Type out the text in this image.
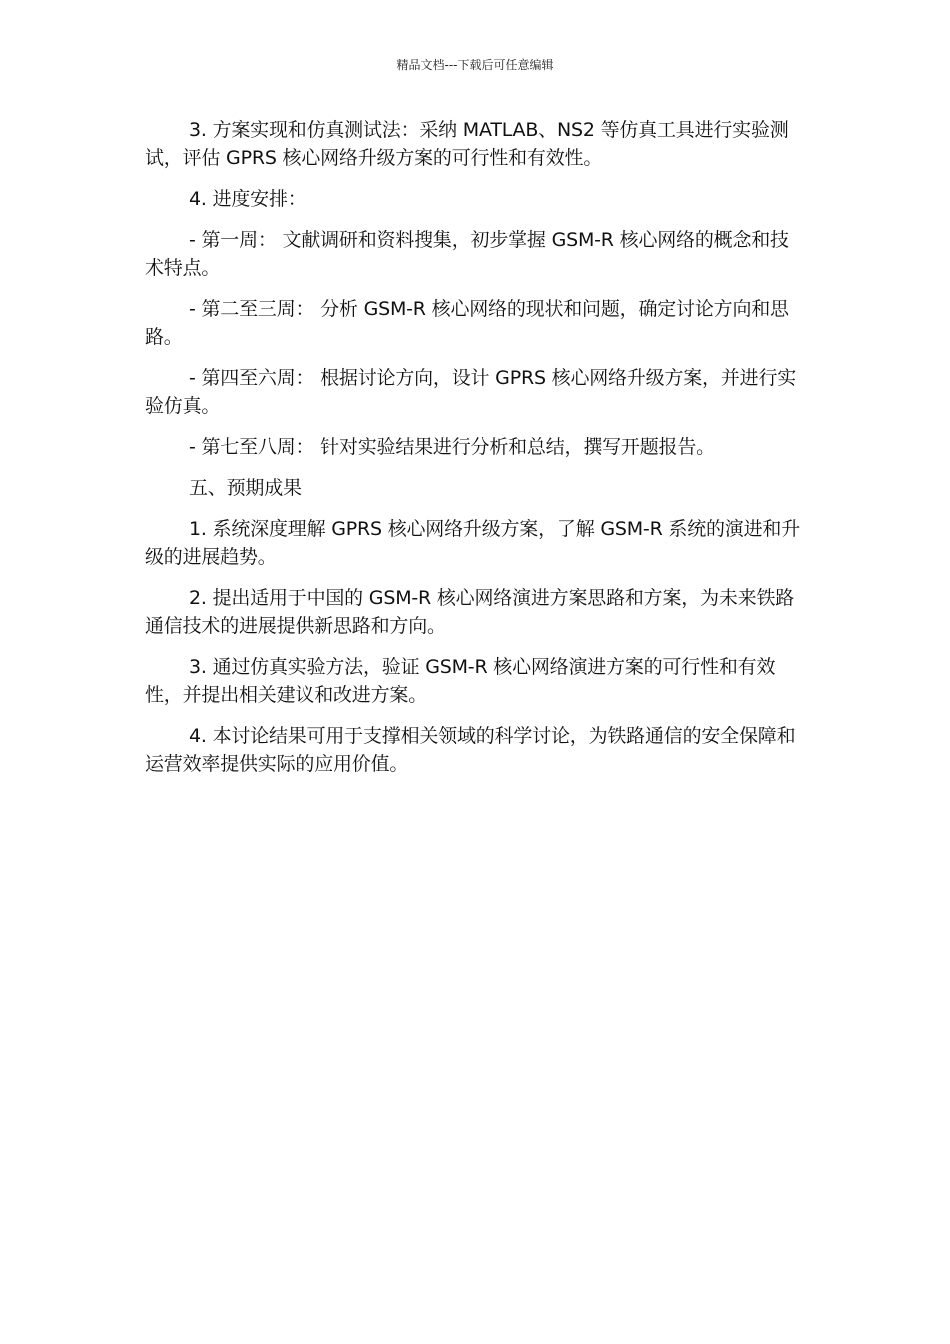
精品文档---下载后可任意编辑

3. 方案实现和仿真测试法：采纳 MATLAB、NS2 等仿真工具进行实验测试，评估 GPRS 核心网络升级方案的可行性和有效性。

4. 进度安排：

- 第一周： 文献调研和资料搜集，初步掌握 GSM-R 核心网络的概念和技术特点。

- 第二至三周： 分析 GSM-R 核心网络的现状和问题，确定讨论方向和思路。

- 第四至六周： 根据讨论方向，设计 GPRS 核心网络升级方案，并进行实验仿真。

- 第七至八周： 针对实验结果进行分析和总结，撰写开题报告。

五、预期成果

1. 系统深度理解 GPRS 核心网络升级方案，了解 GSM-R 系统的演进和升级的进展趋势。

2. 提出适用于中国的 GSM-R 核心网络演进方案思路和方案，为未来铁路通信技术的进展提供新思路和方向。

3. 通过仿真实验方法，验证 GSM-R 核心网络演进方案的可行性和有效性，并提出相关建议和改进方案。

4. 本讨论结果可用于支撑相关领域的科学讨论，为铁路通信的安全保障和运营效率提供实际的应用价值。
